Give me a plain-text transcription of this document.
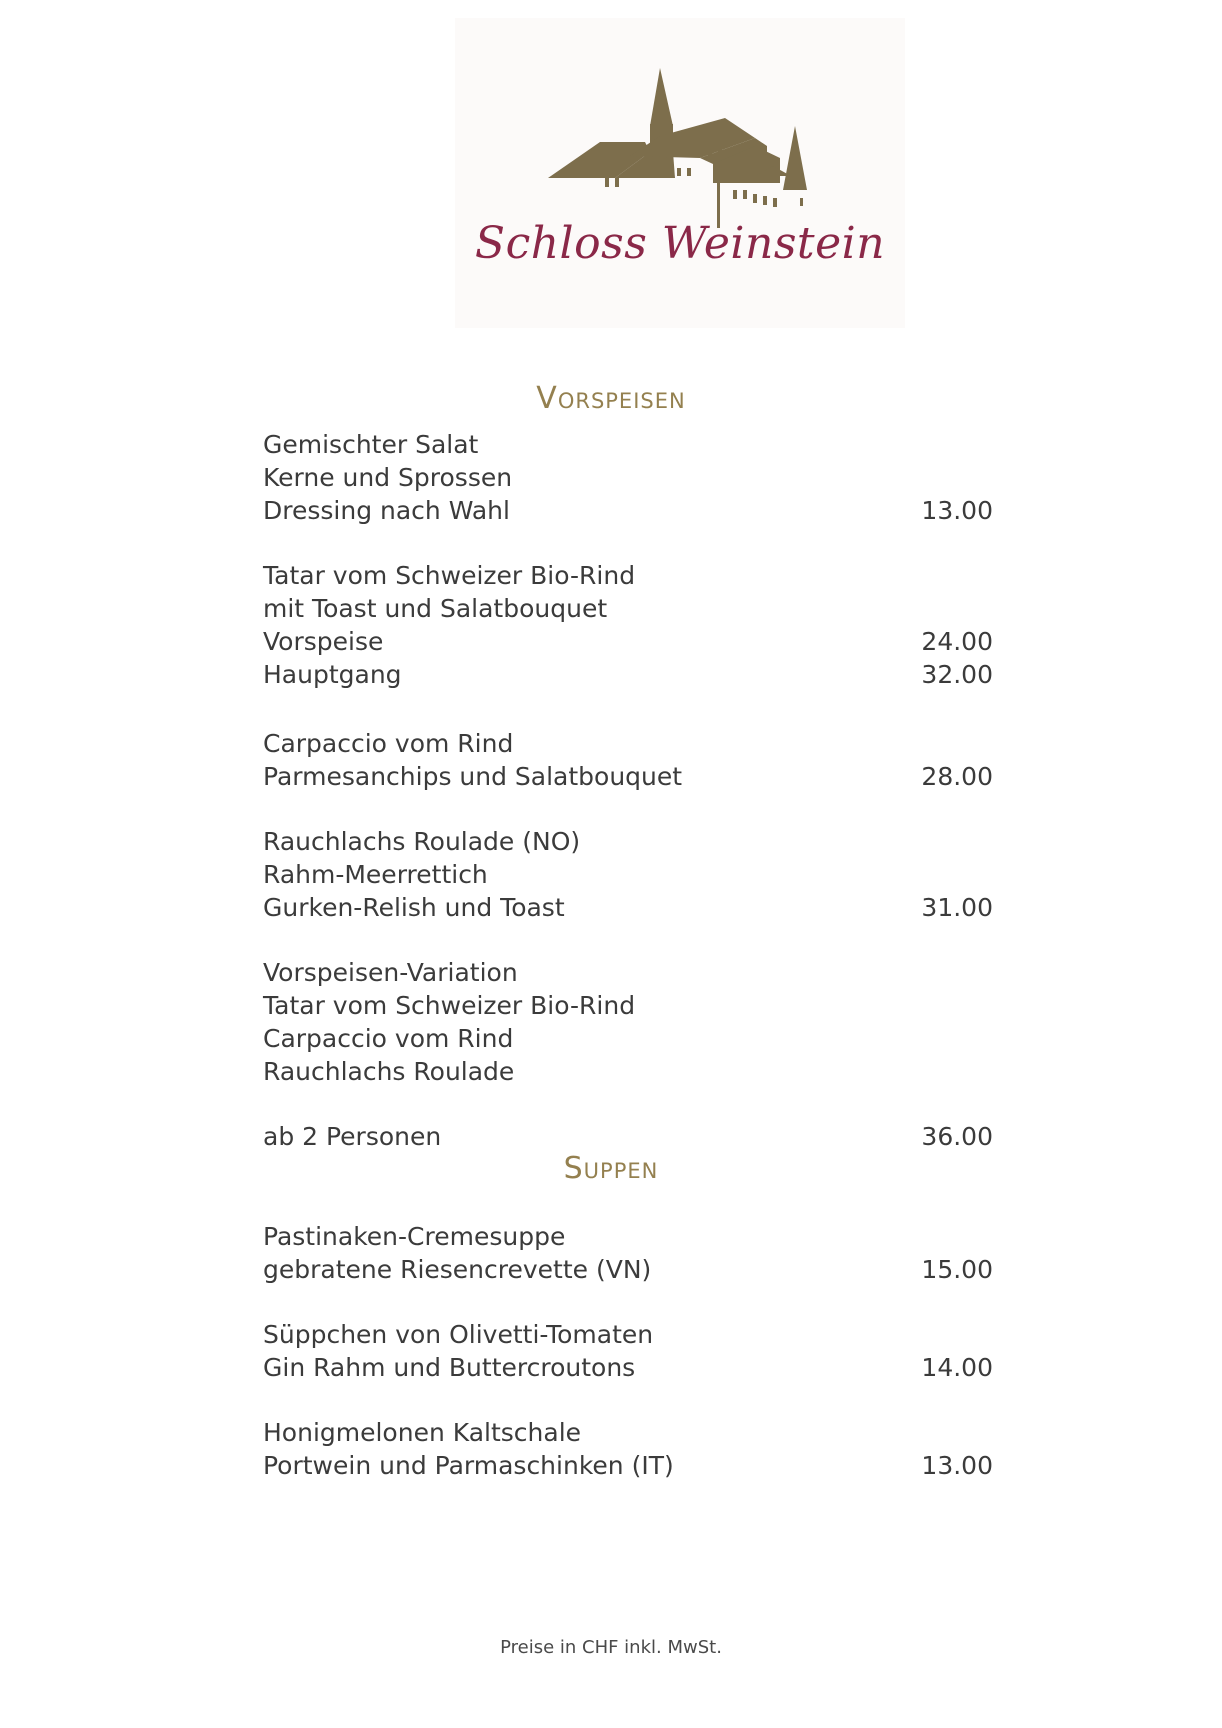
Schloss Weinstein
Vorspeisen
Gemischter Salat
Kerne und Sprossen
Dressing nach Wahl	13.00
Tatar vom Schweizer Bio-Rind
mit Toast und Salatbouquet
Vorspeise	24.00
Hauptgang	32.00
Carpaccio vom Rind
Parmesanchips und Salatbouquet	28.00
Rauchlachs Roulade (NO)
Rahm-Meerrettich
Gurken-Relish und Toast	31.00
Vorspeisen-Variation
Tatar vom Schweizer Bio-Rind
Carpaccio vom Rind
Rauchlachs Roulade
ab 2 Personen	36.00
Suppen
Pastinaken-Cremesuppe
gebratene Riesencrevette (VN)	15.00
Süppchen von Olivetti-Tomaten
Gin Rahm und Buttercroutons	14.00
Honigmelonen Kaltschale
Portwein und Parmaschinken (IT)	13.00
Preise in CHF inkl. MwSt.
